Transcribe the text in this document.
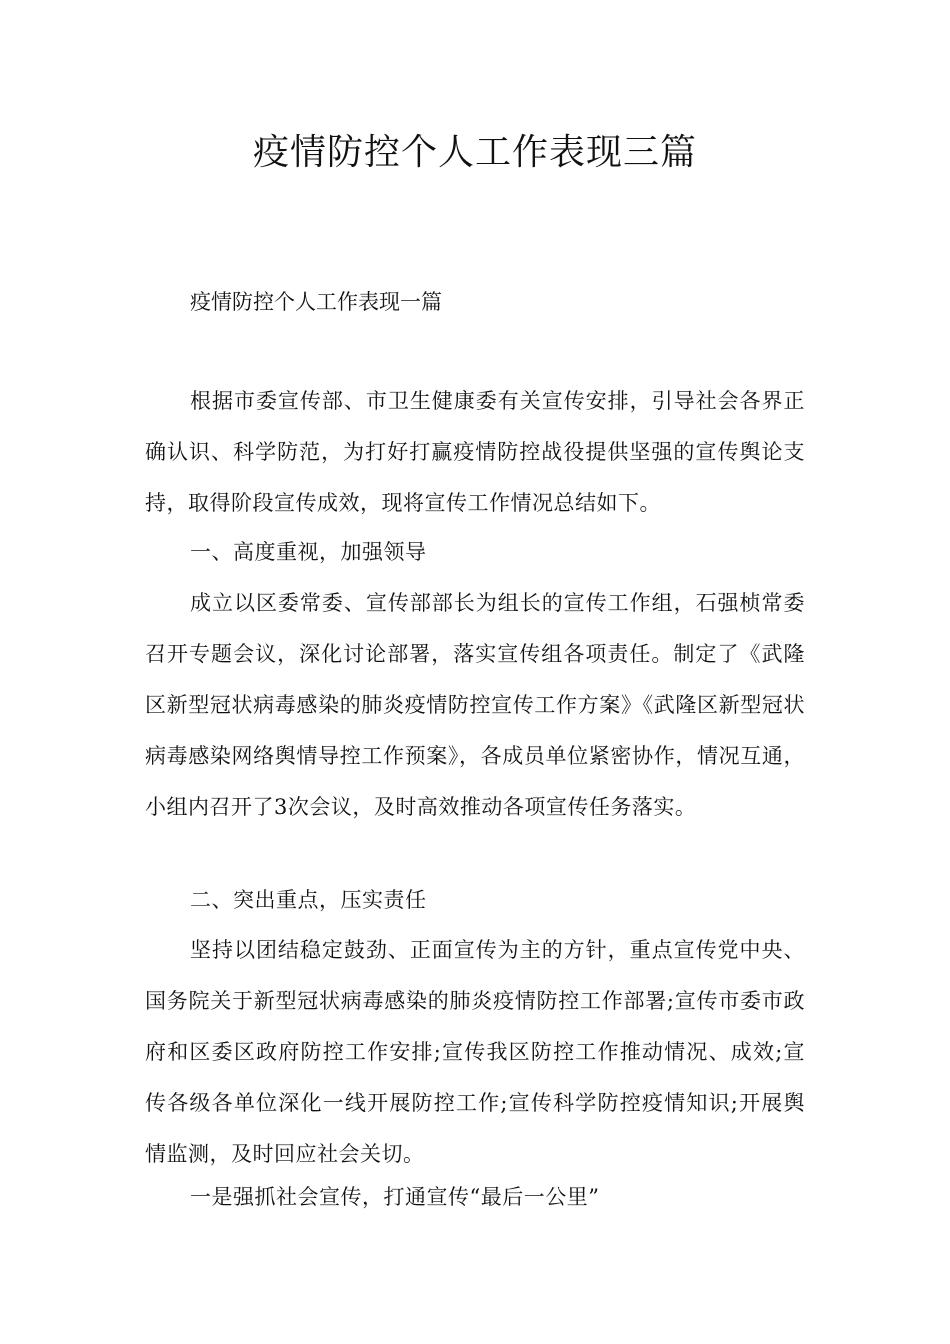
疫情防控个人工作表现三篇

疫情防控个人工作表现一篇

根据市委宣传部、市卫生健康委有关宣传安排，引导社会各界正确认识、科学防范，为打好打赢疫情防控战役提供坚强的宣传舆论支持，取得阶段宣传成效，现将宣传工作情况总结如下。

一、高度重视，加强领导

成立以区委常委、宣传部部长为组长的宣传工作组，石强桢常委召开专题会议，深化讨论部署，落实宣传组各项责任。制定了《武隆区新型冠状病毒感染的肺炎疫情防控宣传工作方案》《武隆区新型冠状病毒感染网络舆情导控工作预案》，各成员单位紧密协作，情况互通，小组内召开了3次会议，及时高效推动各项宣传任务落实。

二、突出重点，压实责任

坚持以团结稳定鼓劲、正面宣传为主的方针，重点宣传党中央、国务院关于新型冠状病毒感染的肺炎疫情防控工作部署;宣传市委市政府和区委区政府防控工作安排;宣传我区防控工作推动情况、成效;宣传各级各单位深化一线开展防控工作;宣传科学防控疫情知识;开展舆情监测，及时回应社会关切。

一是强抓社会宣传，打通宣传“最后一公里”
